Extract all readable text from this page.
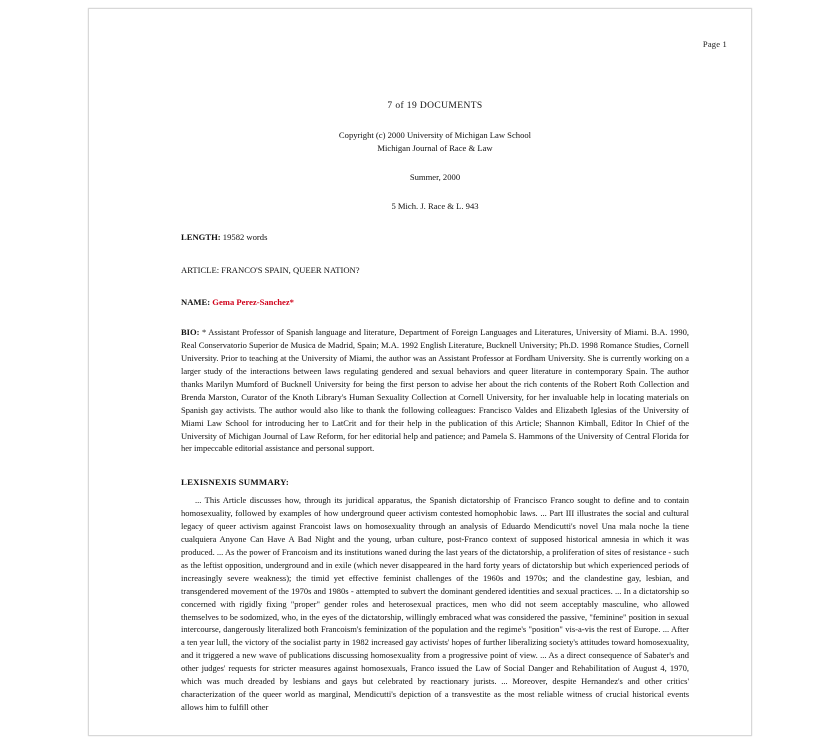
Page 1
7 of 19 DOCUMENTS
Copyright (c) 2000 University of Michigan Law School
Michigan Journal of Race & Law
Summer, 2000
5 Mich. J. Race & L. 943
LENGTH: 19582 words
ARTICLE: FRANCO'S SPAIN, QUEER NATION?
NAME: Gema Perez-Sanchez*
BIO: * Assistant Professor of Spanish language and literature, Department of Foreign Languages and Literatures, University of Miami. B.A. 1990, Real Conservatorio Superior de Musica de Madrid, Spain; M.A. 1992 English Literature, Bucknell University; Ph.D. 1998 Romance Studies, Cornell University. Prior to teaching at the University of Miami, the author was an Assistant Professor at Fordham University. She is currently working on a larger study of the interactions between laws regulating gendered and sexual behaviors and queer literature in contemporary Spain. The author thanks Marilyn Mumford of Bucknell University for being the first person to advise her about the rich contents of the Robert Roth Collection and Brenda Marston, Curator of the Knoth Library's Human Sexuality Collection at Cornell University, for her invaluable help in locating materials on Spanish gay activists. The author would also like to thank the following colleagues: Francisco Valdes and Elizabeth Iglesias of the University of Miami Law School for introducing her to LatCrit and for their help in the publication of this Article; Shannon Kimball, Editor In Chief of the University of Michigan Journal of Law Reform, for her editorial help and patience; and Pamela S. Hammons of the University of Central Florida for her impeccable editorial assistance and personal support.
LEXISNEXIS SUMMARY:
... This Article discusses how, through its juridical apparatus, the Spanish dictatorship of Francisco Franco sought to define and to contain homosexuality, followed by examples of how underground queer activism contested homophobic laws. ... Part III illustrates the social and cultural legacy of queer activism against Francoist laws on homosexuality through an analysis of Eduardo Mendicutti's novel Una mala noche la tiene cualquiera Anyone Can Have A Bad Night and the young, urban culture, post-Franco context of supposed historical amnesia in which it was produced. ... As the power of Francoism and its institutions waned during the last years of the dictatorship, a proliferation of sites of resistance - such as the leftist opposition, underground and in exile (which never disappeared in the hard forty years of dictatorship but which experienced periods of increasingly severe weakness); the timid yet effective feminist challenges of the 1960s and 1970s; and the clandestine gay, lesbian, and transgendered movement of the 1970s and 1980s - attempted to subvert the dominant gendered identities and sexual practices. ... In a dictatorship so concerned with rigidly fixing "proper" gender roles and heterosexual practices, men who did not seem acceptably masculine, who allowed themselves to be sodomized, who, in the eyes of the dictatorship, willingly embraced what was considered the passive, "feminine" position in sexual intercourse, dangerously literalized both Francoism's feminization of the population and the regime's "position" vis-a-vis the rest of Europe. ... After a ten year lull, the victory of the socialist party in 1982 increased gay activists' hopes of further liberalizing society's attitudes toward homosexuality, and it triggered a new wave of publications discussing homosexuality from a progressive point of view. ... As a direct consequence of Sabater's and other judges' requests for stricter measures against homosexuals, Franco issued the Law of Social Danger and Rehabilitation of August 4, 1970, which was much dreaded by lesbians and gays but celebrated by reactionary jurists. ... Moreover, despite Hernandez's and other critics' characterization of the queer world as marginal, Mendicutti's depiction of a transvestite as the most reliable witness of crucial historical events allows him to fulfill other
